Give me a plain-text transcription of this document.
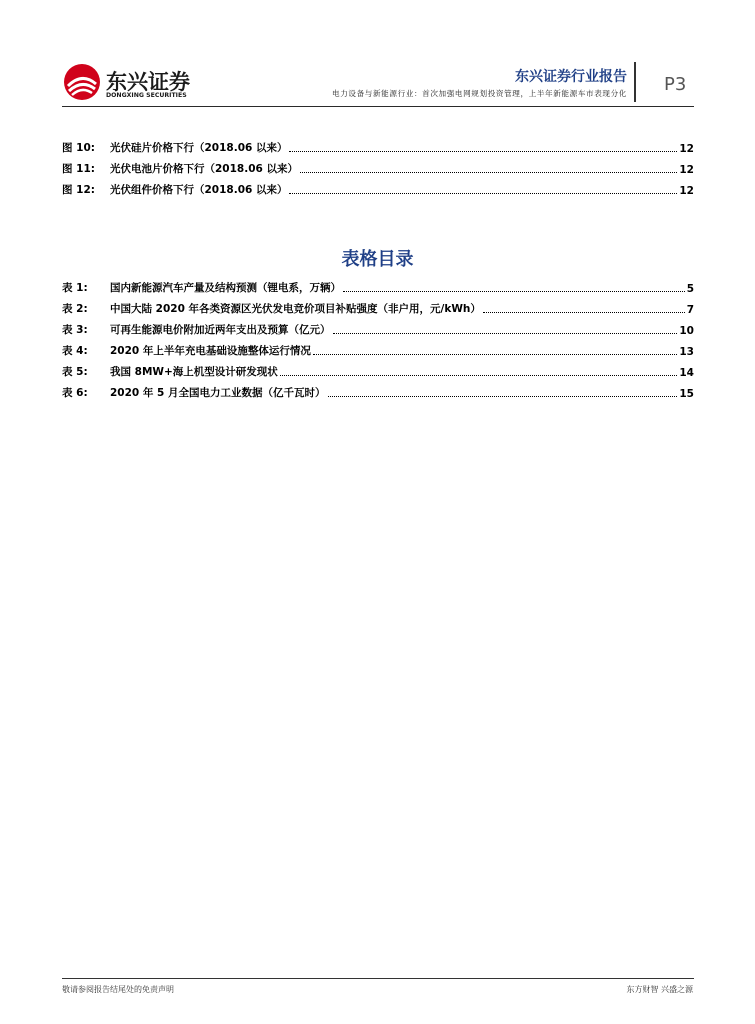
东兴证券
DONGXING SECURITIES
东兴证券行业报告
电力设备与新能源行业：首次加强电网规划投资管理，上半年新能源车市表现分化 P3
图 10:	光伏硅片价格下行（2018.06 以来）	12
图 11:	光伏电池片价格下行（2018.06 以来）	12
图 12:	光伏组件价格下行（2018.06 以来）	12
表格目录
表 1:	国内新能源汽车产量及结构预测（锂电系，万辆）	5
表 2:	中国大陆 2020 年各类资源区光伏发电竞价项目补贴强度（非户用，元/kWh）	7
表 3:	可再生能源电价附加近两年支出及预算（亿元）	10
表 4:	2020 年上半年充电基础设施整体运行情况	13
表 5:	我国 8MW+海上机型设计研发现状	14
表 6:	2020 年 5 月全国电力工业数据（亿千瓦时）	15
敬请参阅报告结尾处的免责声明	东方财智 兴盛之源
